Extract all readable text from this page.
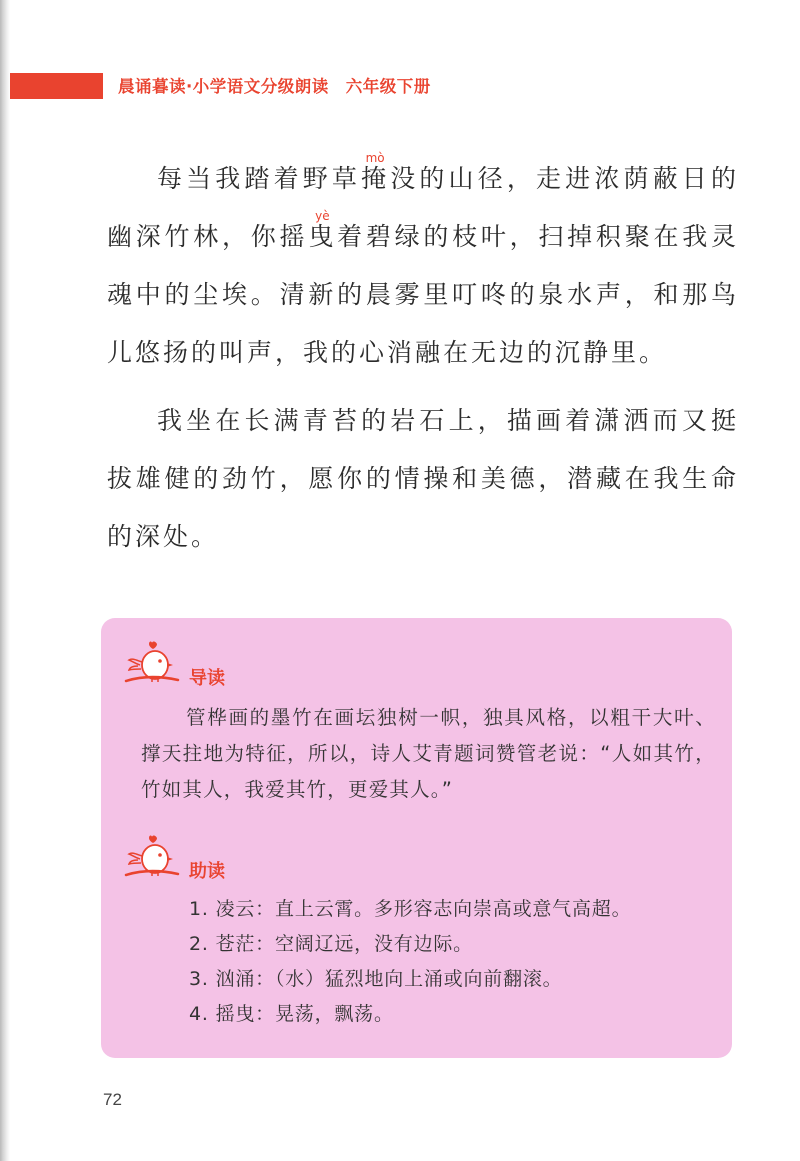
晨诵暮读·小学语文分级朗读　六年级下册

每当我踏着野草掩mò没的山径，走进浓荫蔽日的幽深竹林，你摇曳yè着碧绿的枝叶，扫掉积聚在我灵魂中的尘埃。清新的晨雾里叮咚的泉水声，和那鸟儿悠扬的叫声，我的心消融在无边的沉静里。

我坐在长满青苔的岩石上，描画着潇洒而又挺拔雄健的劲竹，愿你的情操和美德，潜藏在我生命的深处。

导读

管桦画的墨竹在画坛独树一帜，独具风格，以粗干大叶、撑天拄地为特征，所以，诗人艾青题词赞管老说：“人如其竹，竹如其人，我爱其竹，更爱其人。”

助读
1. 凌云：直上云霄。多形容志向崇高或意气高超。
2. 苍茫：空阔辽远，没有边际。
3. 汹涌：（水）猛烈地向上涌或向前翻滚。
4. 摇曳：晃荡，飘荡。
72
